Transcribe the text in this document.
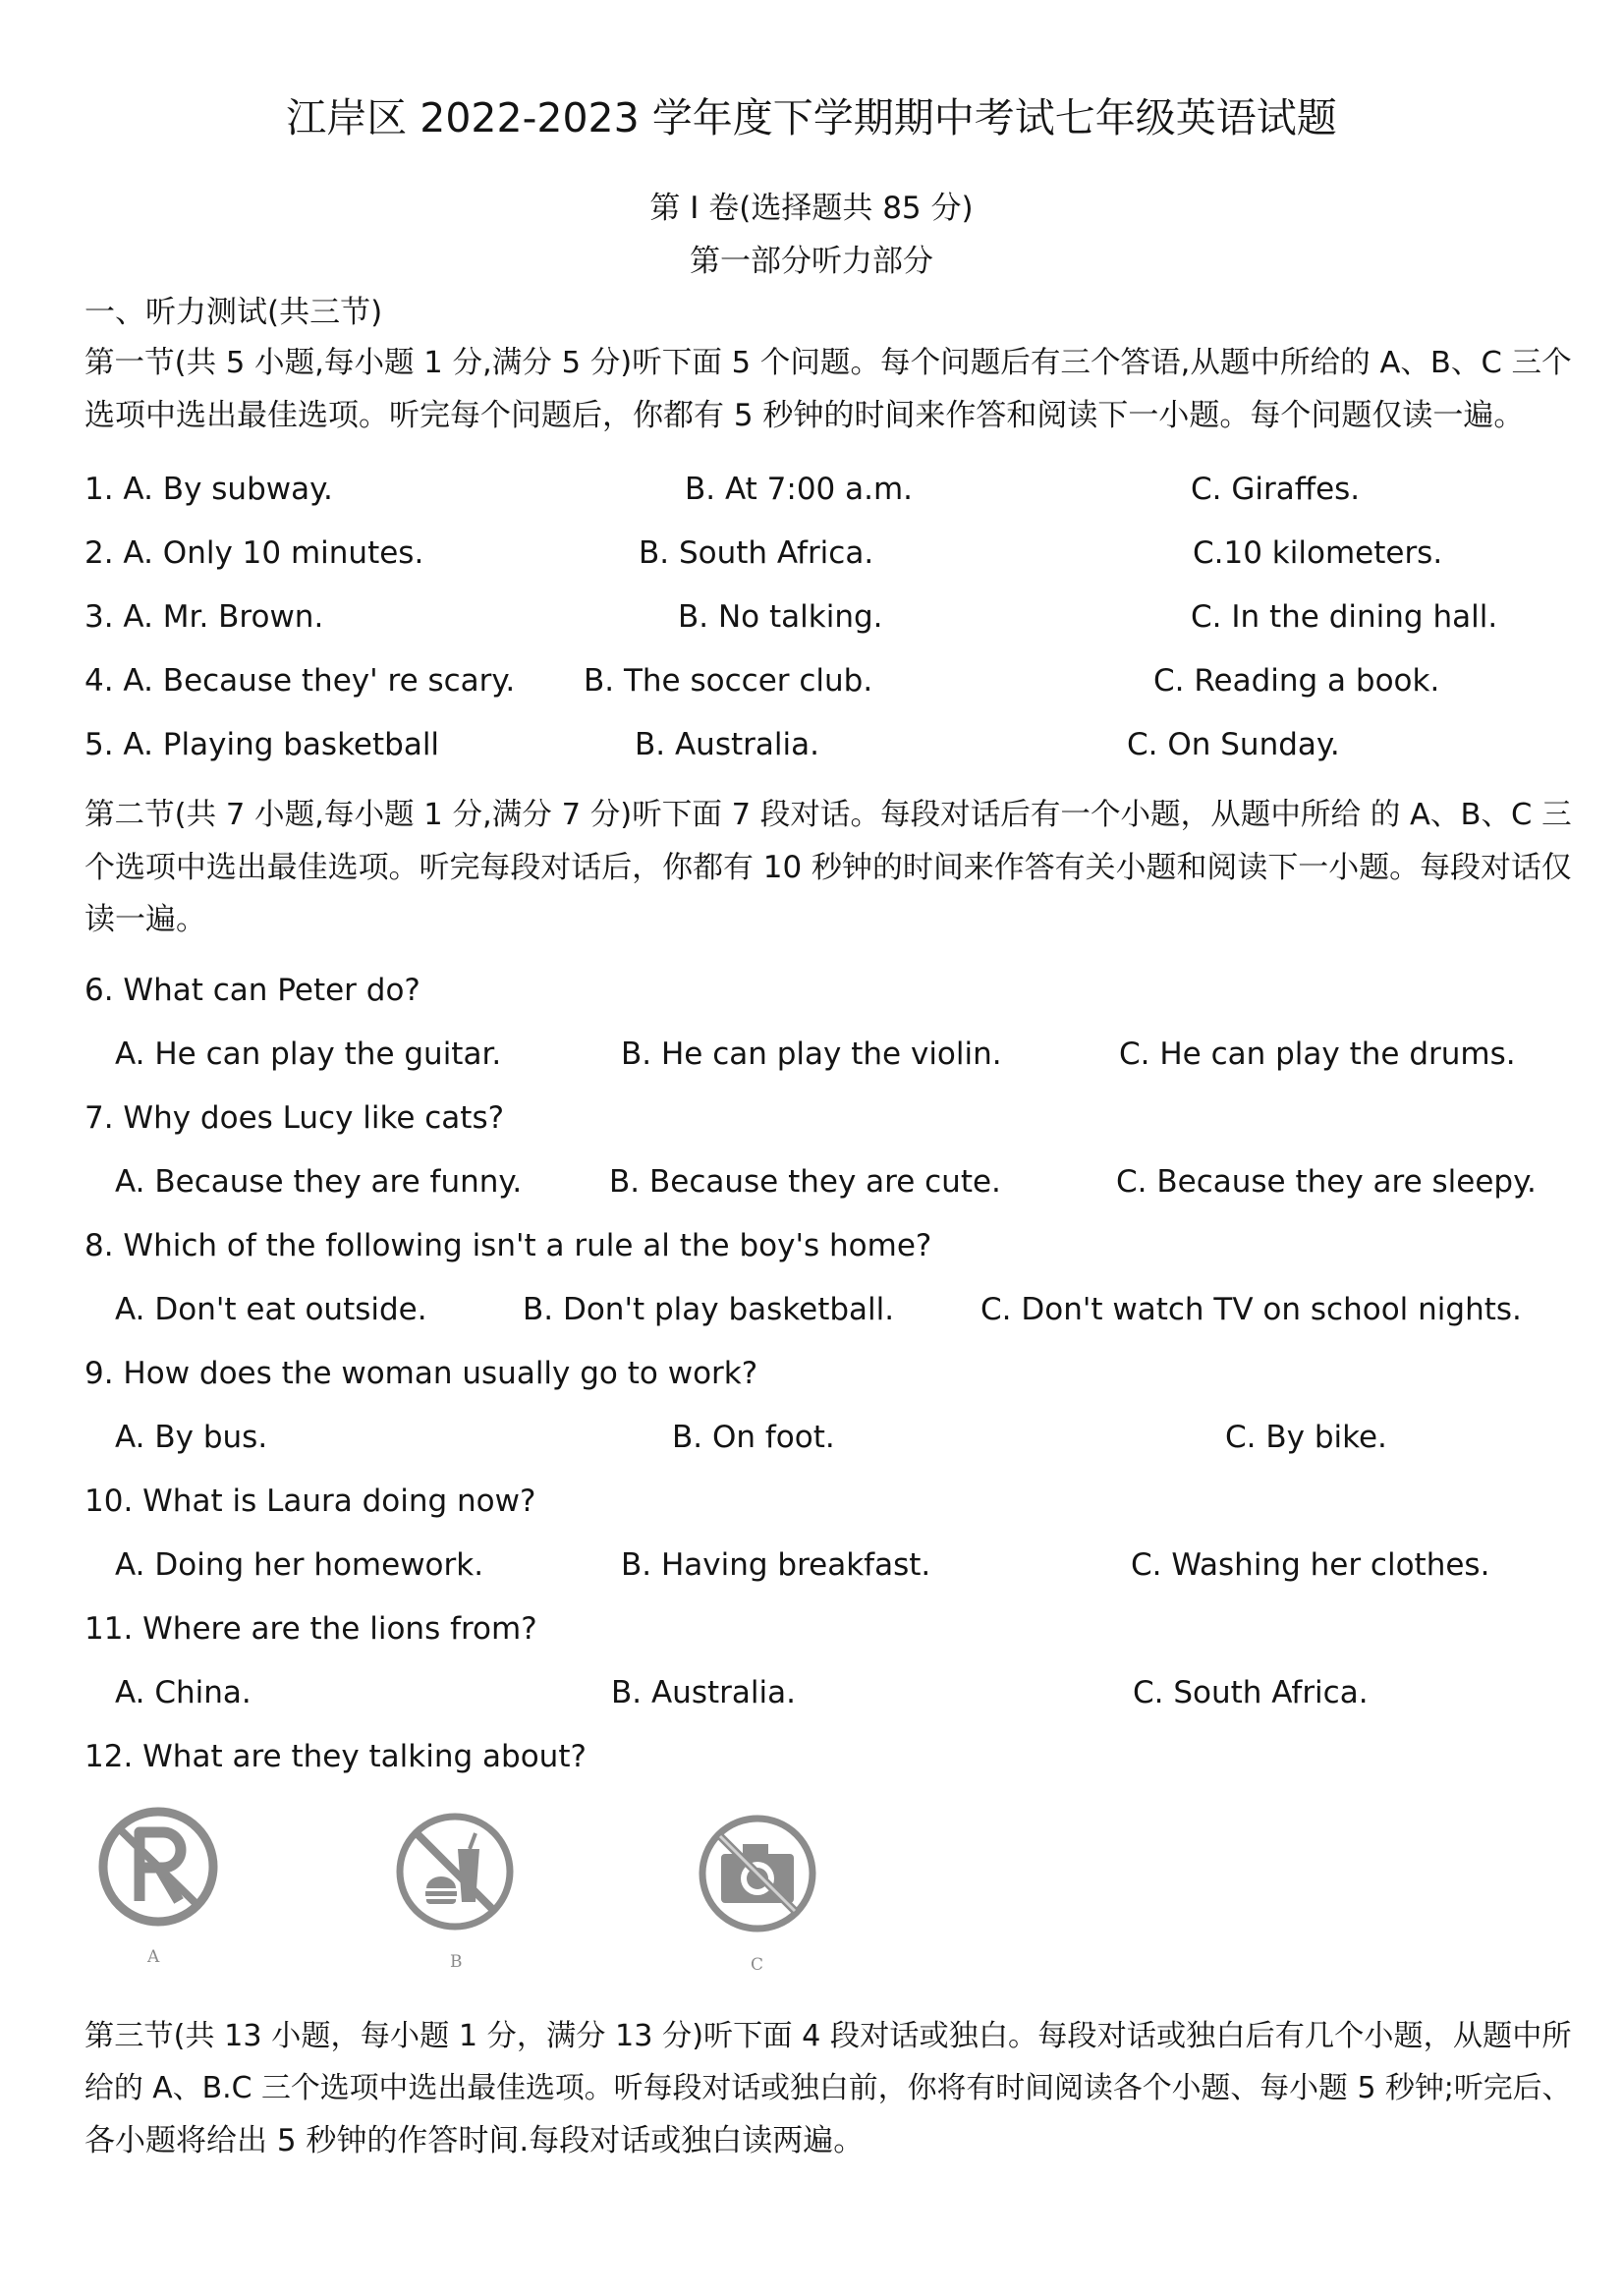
江岸区 2022-2023 学年度下学期期中考试七年级英语试题
第 I 卷(选择题共 85 分)
第一部分听力部分
一、听力测试(共三节)
第一节(共 5 小题,每小题 1 分,满分 5 分)听下面 5 个问题。每个问题后有三个答语,从题中所给的 A、B、C 三个
选项中选出最佳选项。听完每个问题后，你都有 5 秒钟的时间来作答和阅读下一小题。每个问题仅读一遍。
1. A. By subway.	B. At 7:00 a.m.	C. Giraffes.
2. A. Only 10 minutes.	B. South Africa.	C.10 kilometers.
3. A. Mr. Brown.	B. No talking.	C. In the dining hall.
4. A. Because they' re scary. B. The soccer club.	C. Reading a book.
5. A. Playing basketball	B. Australia.	C. On Sunday.
第二节(共 7 小题,每小题 1 分,满分 7 分)听下面 7 段对话。每段对话后有一个小题，从题中所给 的 A、B、C 三
个选项中选出最佳选项。听完每段对话后，你都有 10 秒钟的时间来作答有关小题和阅读下一小题。每段对话仅
读一遍。
6. What can Peter do?
A. He can play the guitar.	B. He can play the violin.	C. He can play the drums.
7. Why does Lucy like cats?
A. Because they are funny.	B. Because they are cute.	C. Because they are sleepy.
8. Which of the following isn't a rule al the boy's home?
A. Don't eat outside.	B. Don't play basketball.	C. Don't watch TV on school nights.
9. How does the woman usually go to work?
A. By bus.	B. On foot.	C. By bike.
10. What is Laura doing now?
A. Doing her homework.	B. Having breakfast.	C. Washing her clothes.
11. Where are the lions from?
A. China.	B. Australia.	C. South Africa.
12. What are they talking about?
A	B	C
第三节(共 13 小题，每小题 1 分，满分 13 分)听下面 4 段对话或独白。每段对话或独白后有几个小题，从题中所
给的 A、B.C 三个选项中选出最佳选项。听每段对话或独白前，你将有时间阅读各个小题、每小题 5 秒钟;听完后、
各小题将给出 5 秒钟的作答时间.每段对话或独白读两遍。
